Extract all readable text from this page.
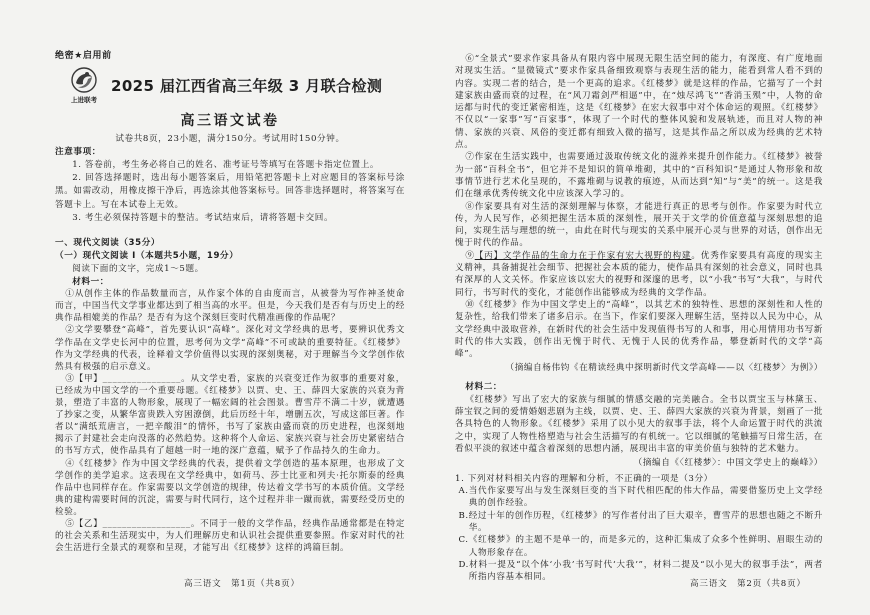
绝密★启用前
上进联考
2025 届江西省高三年级 3 月联合检测
高三语文试卷

试卷共8页，23小题，满分150分。考试用时150分钟。

注意事项：

1. 答卷前，考生务必将自己的姓名、准考证号等填写在答题卡指定位置上。

2. 回答选择题时，选出每小题答案后，用铅笔把答题卡上对应题目的答案标号涂黑。如需改动，用橡皮擦干净后，再选涂其他答案标号。回答非选择题时，将答案写在答题卡上。写在本试卷上无效。

3. 考生必须保持答题卡的整洁。考试结束后，请将答题卡交回。

一、现代文阅读（35分）

（一）现代文阅读 I（本题共5小题，19分）

阅读下面的文字，完成1～5题。

材料一：

①从创作主体的作品数量而言，从作家个体的自由度而言，从被誉为写作神圣使命而言，中国当代文学事业都达到了相当高的水平。但是，今天我们是否有与历史上的经典作品相媲美的作品？是否有为这个深刻巨变时代精准画像的作品呢？

②文学要攀登“高峰”，首先要认识“高峰”。深化对文学经典的思考，要辨识优秀文学作品在文学史长河中的位置，思考何为文学“高峰”不可或缺的重要特征。《红楼梦》作为文学经典的代表，诠释着文学价值得以实现的深刻奥秘，对于理解当今文学创作依然具有极强的启示意义。

③【甲】________________。从文学史看，家族的兴衰变迁作为叙事的重要对象，已经成为中国文学的一个重要母题。《红楼梦》以贾、史、王、薛四大家族的兴衰为背景，塑造了丰富的人物形象，展现了一幅宏阔的社会图景。曹雪芹不满二十岁，就遭遇了抄家之变，从繁华富贵跌入穷困潦倒，此后历经十年，增删五次，写成这部巨著。作者以“满纸荒唐言，一把辛酸泪”的情怀，书写了家族由盛而衰的历史进程，也深刻地揭示了封建社会走向没落的必然趋势。这种将个人命运、家族兴衰与社会历史紧密结合的书写方式，使作品具有了超越一时一地的深广意蕴，赋予了作品持久的生命力。

④《红楼梦》作为中国文学经典的代表，提供着文学创造的基本原理，也形成了文学创作的美学追求。这表现在文学经典中，如荷马、莎士比亚和列夫·托尔斯泰的经典作品中也同样存在。作家需要以文学创造的规律，传达着文学书写的本质价值。文学经典的建构需要时间的沉淀，需要与时代同行，这个过程并非一蹴而就，需要经受历史的检验。

⑤【乙】__________________。不同于一般的文学作品，经典作品通常都是在特定的社会关系和生活现实中，为人们理解历史和认识社会提供重要参照。作家对时代的社会生活进行全景式的观察和呈现，才能写出《红楼梦》这样的鸿篇巨制。

高三语文　第1页（共8页）

⑥“全景式”要求作家具备从有限内容中展现无限生活空间的能力，有深度、有广度地面对现实生活。“显微镜式”要求作家具备细致观察与表现生活的能力，能看到常人看不到的内容。实现二者的结合，是一个更高的追求。《红楼梦》就是这样的作品，它描写了一个封建家族由盛而衰的过程，在“风刀霜剑严相逼”中，在“烛尽鸿飞”“香消玉殒”中，人物的命运都与时代的变迁紧密相连，这是《红楼梦》在宏大叙事中对个体命运的观照。《红楼梦》不仅以“一家事”写“百家事”，体现了一个时代的整体风貌和发展轨迹，而且对人物的神情、家族的兴衰、风俗的变迁都有细致入微的描写，这是其作品之所以成为经典的艺术特点。

⑦作家在生活实践中，也需要通过汲取传统文化的滋养来提升创作能力。《红楼梦》被誉为一部“百科全书”，但它并不是知识的简单堆砌，其中的“百科知识”是通过人物形象和故事情节进行艺术化呈现的，不露堆砌与说教的痕迹，从而达到“知”与“美”的统一。这是我们在继承优秀传统文化中应该深入学习的。

⑧作家要具有对生活的深刻理解与体察，才能进行真正的思考与创作。作家要为时代立传，为人民写作，必须把握生活本质的深刻性，展开关于文学的价值意蕴与深刻思想的追问，实现生活与理想的统一，由此在时代与现实的关系中展开心灵与世界的对话，创作出无愧于时代的作品。

⑨【丙】文学作品的生命力在于作家有宏大视野的构建。优秀作家要具有高度的现实主义精神，具备捕捉社会细节、把握社会本质的能力，使作品具有深刻的社会意义，同时也具有深厚的人文关怀。作家应该以宏大的视野和深邃的思考，以“小我”书写“大我”，与时代同行，书写时代的变化，才能创作出能够成为经典的文学作品。

⑩《红楼梦》作为中国文学史上的“高峰”，以其艺术的独特性、思想的深刻性和人性的复杂性，给我们带来了诸多启示。在当下，作家们要深入理解生活，坚持以人民为中心，从文学经典中汲取营养，在新时代的社会生活中发现值得书写的人和事，用心用情用功书写新时代的伟大实践，创作出无愧于时代、无愧于人民的优秀作品，攀登新时代的文学“高峰”。

（摘编自杨伟钧《在精读经典中探明新时代文学高峰——以〈红楼梦〉为例》）

材料二：

《红楼梦》写出了宏大的家族与细腻的情感交融的完美融合。全书以贾宝玉与林黛玉、薛宝钗之间的爱情婚姻悲剧为主线，以贾、史、王、薛四大家族的兴衰为背景，刻画了一批各具特色的人物形象。《红楼梦》采用了以小见大的叙事手法，将个人命运置于时代的洪流之中，实现了人物性格塑造与社会生活描写的有机统一。它以细腻的笔触描写日常生活，在看似平淡的叙述中蕴含着深刻的思想内涵，展现出丰富的审美价值与独特的艺术魅力。

（摘编自《〈红楼梦〉：中国文学史上的巅峰》）

1. 下列对材料相关内容的理解和分析，不正确的一项是（3分）

A.当代作家要写出与发生深刻巨变的当下时代相匹配的伟大作品，需要借鉴历史上文学经典的创作经验。

B.经过十年的创作历程，《红楼梦》的写作者付出了巨大艰辛，曹雪芹的思想也随之不断升华。

C.《红楼梦》的主题不是单一的，而是多元的，这种汇集成了众多个性鲜明、眉眼生动的人物形象存在。

D.材料一提及“以个体‘小我’书写时代‘大我’”，材料二提及“以小见大的叙事手法”，两者所指内容基本相同。

高三语文　第2页（共8页）
